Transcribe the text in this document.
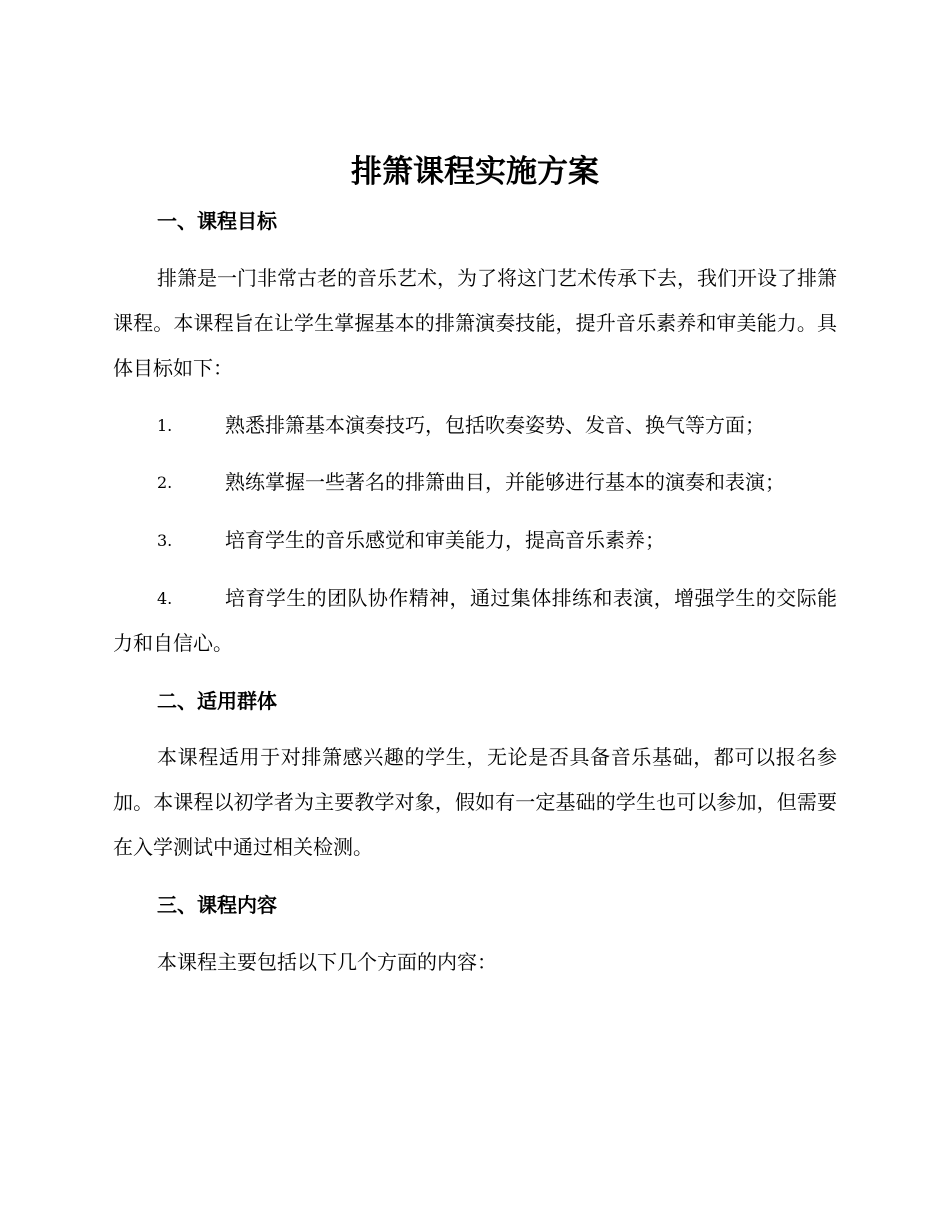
排箫课程实施方案
一、课程目标

排箫是一门非常古老的音乐艺术，为了将这门艺术传承下去，我们开设了排箫课程。本课程旨在让学生掌握基本的排箫演奏技能，提升音乐素养和审美能力。具体目标如下：

1.	熟悉排箫基本演奏技巧，包括吹奏姿势、发音、换气等方面；
2.	熟练掌握一些著名的排箫曲目，并能够进行基本的演奏和表演；
3.	培育学生的音乐感觉和审美能力，提高音乐素养；
4.	培育学生的团队协作精神，通过集体排练和表演，增强学生的交际能力和自信心。
二、适用群体

本课程适用于对排箫感兴趣的学生，无论是否具备音乐基础，都可以报名参加。本课程以初学者为主要教学对象，假如有一定基础的学生也可以参加，但需要在入学测试中通过相关检测。

三、课程内容

本课程主要包括以下几个方面的内容：
